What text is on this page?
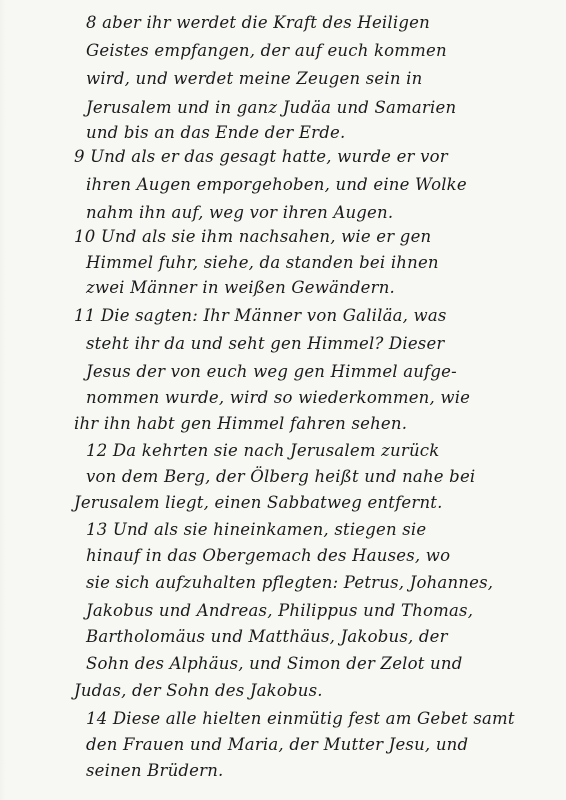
8 aber ihr werdet die Kraft des Heiligen
Geistes empfangen, der auf euch kommen
wird, und werdet meine Zeugen sein in
Jerusalem und in ganz Judäa und Samarien
und bis an das Ende der Erde.
9 Und als er das gesagt hatte, wurde er vor
ihren Augen emporgehoben, und eine Wolke
nahm ihn auf, weg vor ihren Augen.
10 Und als sie ihm nachsahen, wie er gen
Himmel fuhr, siehe, da standen bei ihnen
zwei Männer in weißen Gewändern.
11 Die sagten: Ihr Männer von Galiläa, was
steht ihr da und seht gen Himmel? Dieser
Jesus der von euch weg gen Himmel aufge-
nommen wurde, wird so wiederkommen, wie
ihr ihn habt gen Himmel fahren sehen.
12 Da kehrten sie nach Jerusalem zurück
von dem Berg, der Ölberg heißt und nahe bei
Jerusalem liegt, einen Sabbatweg entfernt.
13 Und als sie hineinkamen, stiegen sie
hinauf in das Obergemach des Hauses, wo
sie sich aufzuhalten pflegten: Petrus, Johannes,
Jakobus und Andreas, Philippus und Thomas,
Bartholomäus und Matthäus, Jakobus, der
Sohn des Alphäus, und Simon der Zelot und
Judas, der Sohn des Jakobus.
14 Diese alle hielten einmütig fest am Gebet samt
den Frauen und Maria, der Mutter Jesu, und
seinen Brüdern.
